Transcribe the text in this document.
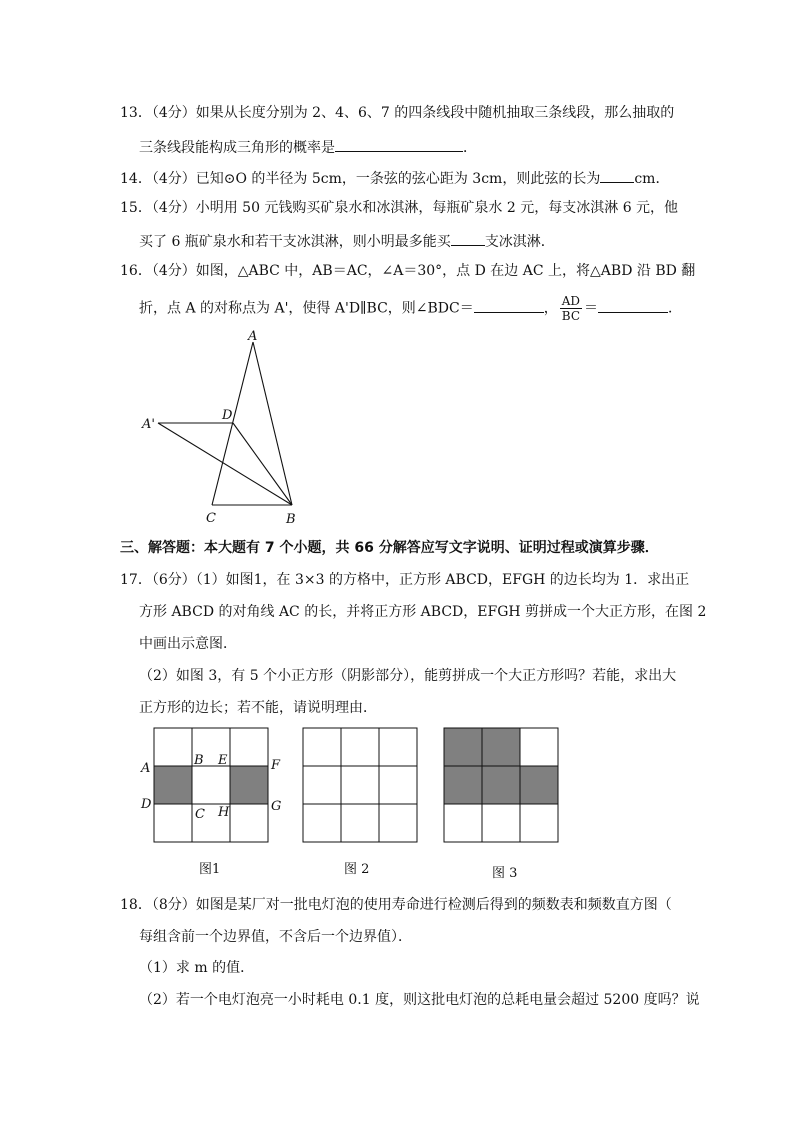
13．（4分）如果从长度分别为 2、4、6、7 的四条线段中随机抽取三条线段，那么抽取的
三条线段能构成三角形的概率是	．
14．（4分）已知⊙O 的半径为 5cm，一条弦的弦心距为 3cm，则此弦的长为 cm．
15．（4分）小明用 50 元钱购买矿泉水和冰淇淋，每瓶矿泉水 2 元，每支冰淇淋 6 元，他
买了 6 瓶矿泉水和若干支冰淇淋，则小明最多能买 支冰淇淋．
16．（4分）如图，△ABC 中，AB＝AC，∠A＝30°，点 D 在边 AC 上，将△ABD 沿 BD 翻
折，点 A 的对称点为 A'，使得 A'D∥BC，则∠BDC＝	， $\frac{AD}{BC}$ ＝	．
A
A'
D
C	B
三、解答题：本大题有 7 个小题，共 66 分解答应写文字说明、证明过程或演算步骤．
17．（6分）（1）如图1，在 3×3 的方格中，正方形 ABCD，EFGH 的边长均为 1．求出正
方形 ABCD 的对角线 AC 的长，并将正方形 ABCD，EFGH 剪拼成一个大正方形，在图 2
中画出示意图．
（2）如图 3，有 5 个小正方形（阴影部分），能剪拼成一个大正方形吗？若能，求出大
正方形的边长；若不能，请说明理由．
A
B E	F
D
C H	G
图1	图 2	图 3
18．（8分）如图是某厂对一批电灯泡的使用寿命进行检测后得到的频数表和频数直方图（
每组含前一个边界值，不含后一个边界值）．
（1）求 m 的值．
（2）若一个电灯泡亮一小时耗电 0.1 度，则这批电灯泡的总耗电量会超过 5200 度吗？说
